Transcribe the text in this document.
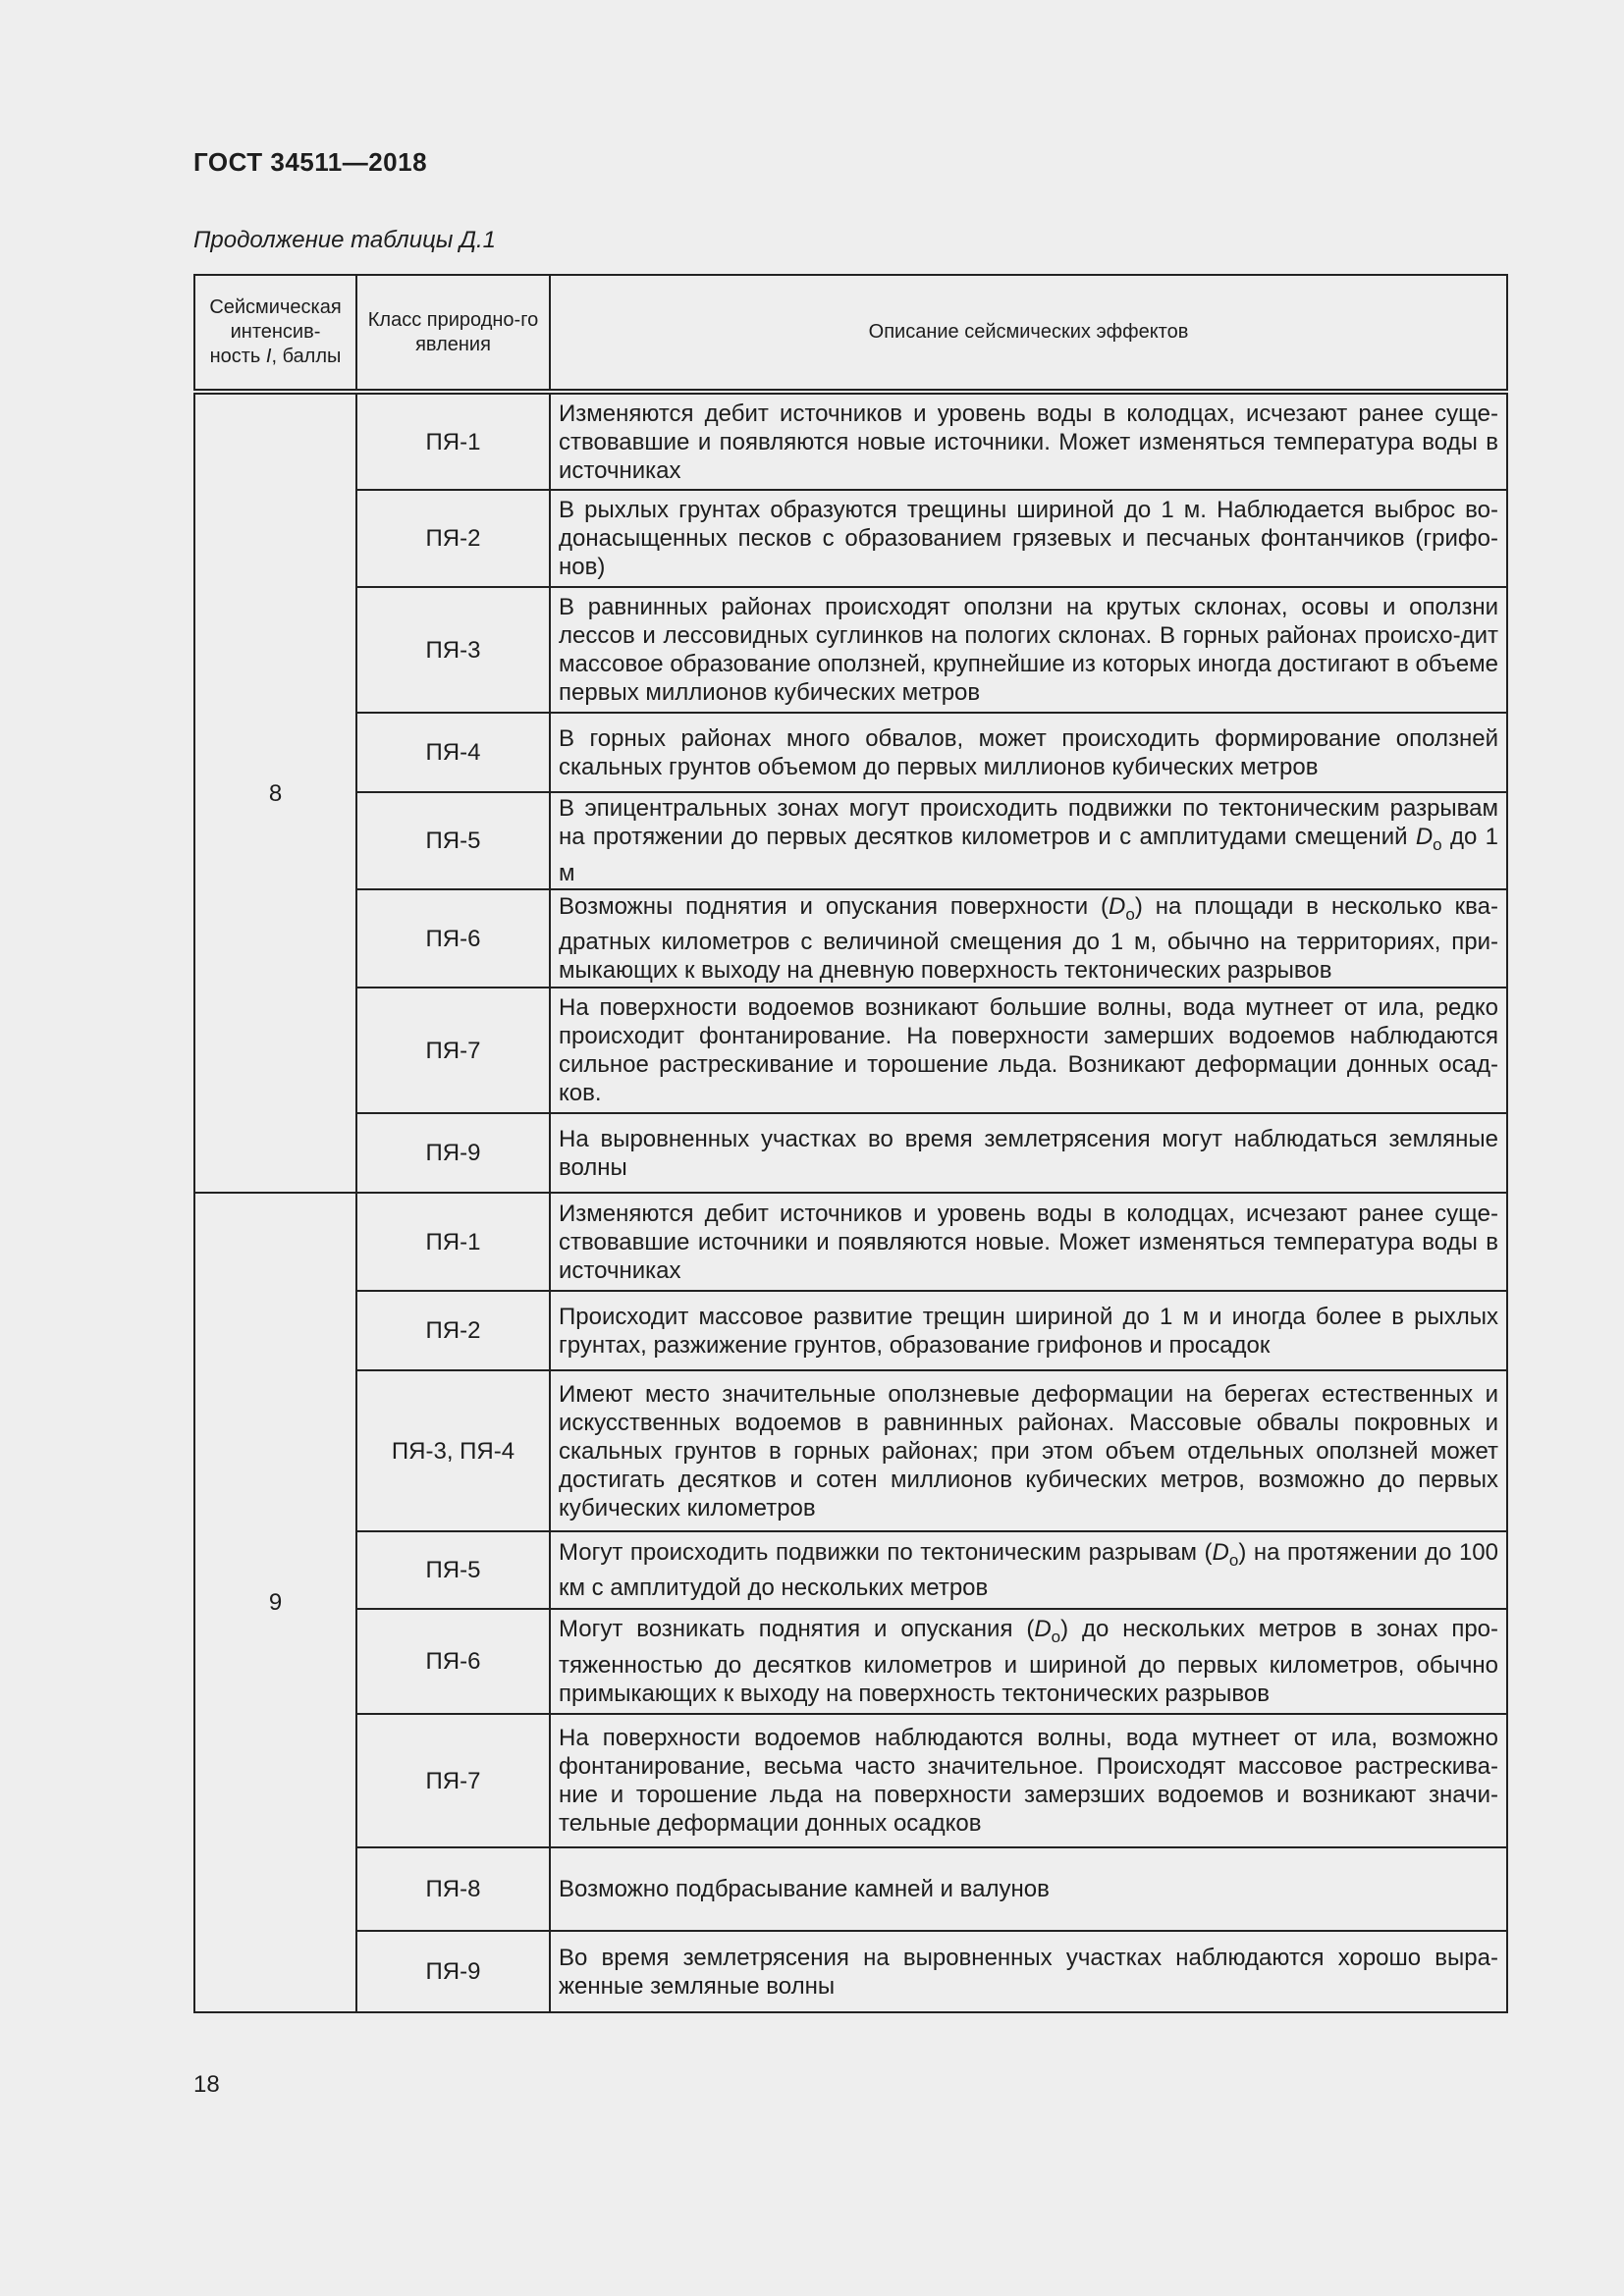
ГОСТ 34511—2018
Продолжение таблицы Д.1
Сейсмическая
интенсив-
ность I, баллы	Класс природно-го явления	Описание сейсмических эффектов
8	ПЯ-1	Изменяются дебит источников и уровень воды в колодцах, исчезают ранее суще-ствовавшие и появляются новые источники. Может изменяться температура воды в источниках
	ПЯ-2	В рыхлых грунтах образуются трещины шириной до 1 м. Наблюдается выброс во-донасыщенных песков с образованием грязевых и песчаных фонтанчиков (грифо-нов)
	ПЯ-3	В равнинных районах происходят оползни на крутых склонах, осовы и оползни лессов и лессовидных суглинков на пологих склонах. В горных районах происхо-дит массовое образование оползней, крупнейшие из которых иногда достигают в объеме первых миллионов кубических метров
	ПЯ-4	В горных районах много обвалов, может происходить формирование оползней скальных грунтов объемом до первых миллионов кубических метров
	ПЯ-5	В эпицентральных зонах могут происходить подвижки по тектоническим разрывам на протяжении до первых десятков километров и с амплитудами смещений $D_о$ до 1 м
	ПЯ-6	Возможны поднятия и опускания поверхности $(D_о)$ на площади в несколько ква-дратных километров с величиной смещения до 1 м, обычно на территориях, при-мыкающих к выходу на дневную поверхность тектонических разрывов
	ПЯ-7	На поверхности водоемов возникают большие волны, вода мутнеет от ила, редко происходит фонтанирование. На поверхности замерших водоемов наблюдаются сильное растрескивание и торошение льда. Возникают деформации донных осад-ков.
	ПЯ-9	На выровненных участках во время землетрясения могут наблюдаться земляные волны
9	ПЯ-1	Изменяются дебит источников и уровень воды в колодцах, исчезают ранее суще-ствовавшие источники и появляются новые. Может изменяться температура воды в источниках
	ПЯ-2	Происходит массовое развитие трещин шириной до 1 м и иногда более в рыхлых грунтах, разжижение грунтов, образование грифонов и просадок
	ПЯ-3, ПЯ-4	Имеют место значительные оползневые деформации на берегах естественных и искусственных водоемов в равнинных районах. Массовые обвалы покровных и скальных грунтов в горных районах; при этом объем отдельных оползней может достигать десятков и сотен миллионов кубических метров, возможно до первых кубических километров
	ПЯ-5	Могут происходить подвижки по тектоническим разрывам $(D_о)$ на протяжении до 100 км с амплитудой до нескольких метров
	ПЯ-6	Могут возникать поднятия и опускания $(D_о)$ до нескольких метров в зонах про-тяженностью до десятков километров и шириной до первых километров, обычно примыкающих к выходу на поверхность тектонических разрывов
	ПЯ-7	На поверхности водоемов наблюдаются волны, вода мутнеет от ила, возможно фонтанирование, весьма часто значительное. Происходят массовое растрескива-ние и торошение льда на поверхности замерзших водоемов и возникают значи-тельные деформации донных осадков
	ПЯ-8	Возможно подбрасывание камней и валунов
	ПЯ-9	Во время землетрясения на выровненных участках наблюдаются хорошо выра-женные земляные волны
18
